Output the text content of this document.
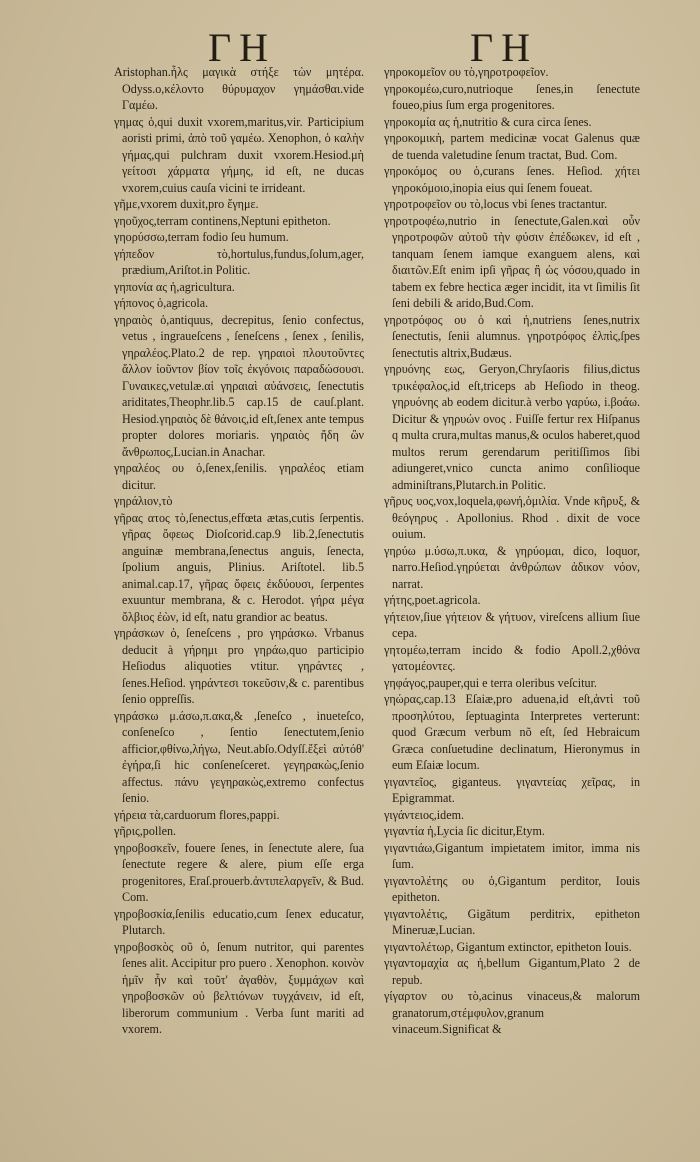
ΓΗ	ΓΗ

Aristophan.ἦλς μαγικὰ στήξε τὼν μητέρα. Odyss.ο,κέλοντο θύρυμαχον γημάσθαι.vide Γαμέω.

γημας ὁ,qui duxit vxorem,maritus,vir. Participium aoristi primi, ἀπὸ τοῦ γαμέω. Xenophon, ὁ καλὴν γήμας,qui pulchram duxit vxorem.Hesiod.μὴ γείτοσι χάρματα γήμης, id eſt, ne ducas vxorem,cuius cauſa vicini te irrideant.

γῆμε,vxorem duxit,pro ἔγημε.

γηοῦχος,terram continens,Neptuni epitheton.

γηορύσσω,terram fodio ſeu humum.

γήπεδον τὸ,hortulus,fundus,ſolum,ager, prædium,Ariſtot.in Politic.

γηπονία ας ἡ,agricultura.

γήπονος ὁ,agricola.

γηραιὸς ὁ,antiquus, decrepitus, ſenio confectus, vetus , ingraueſcens , ſeneſcens , ſenex , ſenilis, γηραλέος.Plato.2 de rep. γηραιοὶ πλουτοῦντες ἄλλον ἰοῦντον βίον τοῖς ἐκγόνοις παραδώσουσι. Γυναικες,vetulæ.αἱ γηραιαὶ αὐάνσεις, ſenectutis ariditates,Theophr.lib.5 cap.15 de cauſ.plant. Hesiod.γηραιὸς δὲ θάνοις,id eſt,ſenex ante tempus propter dolores moriaris. γηραιὸς ἤδη ὢν ἄνθρωπος,Lucian.in Anachar.

γηραλέος ου ὁ,ſenex,ſenilis. γηραλέος etiam dicitur.

γηράλιον,τὸ

γῆρας ατος τὸ,ſenectus,effœta ætas,cutis ſerpentis. γῆρας ὄφεως Dioſcorid.cap.9 lib.2,ſenectutis anguinæ membrana,ſenectus anguis, ſenecta, ſpolium anguis, Plinius. Ariſtotel. lib.5 animal.cap.17, γῆρας ὄφεις ἐκδύουσι, ſerpentes exuuntur membrana, & c. Herodot. γήρα μέγα ὄλβιος ἐὼν, id eſt, natu grandior ac beatus.

γηράσκων ὁ, ſeneſcens , pro γηράσκω. Vrbanus deducit à γήρημι pro γηράω,quo participio Heſiodus aliquoties vtitur. γηράντες , ſenes.Heſiod. γηράντεσι τοκεῦσιν,& c. parentibus ſenio oppreſſis.

γηράσκω μ.άσω,π.ακα,& ,ſeneſco , inueteſco, conſeneſco , ſentio ſenectutem,ſenio afficior,φθίνω,λήγω, Neut.abſo.Odyſſ.ἔξεὶ αὐτόθ' ἐγήρα,ſi hic conſeneſceret. γεγηρακὼς,ſenio affectus. πάνυ γεγηρακὼς,extremo confectus ſenio.

γήρεια τὰ,carduorum flores,pappi.

γῆρις,pollen.

γηροβοσκεῖν, fouere ſenes, in ſenectute alere, ſua ſenectute regere & alere, pium eſſe erga progenitores, Eraſ.prouerb.ἀντιπελαργεῖν, & Bud. Com.

γηροβοσκία,ſenilis educatio,cum ſenex educatur, Plutarch.

γηροβοσκὸς οῦ ὁ, ſenum nutritor, qui parentes ſenes alit. Accipitur pro puero . Xenophon. κοινὸν ἡμῖν ἦν καὶ τοῦτ' ἀγαθὸν, ξυμμάχων καὶ γηροβοσκῶν οὐ βελτιόνων τυγχάνειν, id eſt, liberorum communium . Verba ſunt mariti ad vxorem.

γηροκομεῖον ου τὸ,γηροτροφεῖον.

γηροκομέω,curo,nutrioque ſenes,in ſenectute foueo,pius ſum erga progenitores.

γηροκομία ας ἡ,nutritio & cura circa ſenes.

γηροκομικὴ, partem medicinæ vocat Galenus quæ de tuenda valetudine ſenum tractat, Bud. Com.

γηροκόμος ου ὁ,curans ſenes. Heſiod. χήτει γηροκόμοιο,inopia eius qui ſenem foueat.

γηροτροφεῖον ου τὸ,locus vbi ſenes tractantur.

γηροτροφέω,nutrio in ſenectute,Galen.καὶ οὖν γηροτροφῶν αὐτοῦ τὴν φύσιν ἐπέδωκεν, id eſt , tanquam ſenem iamque exanguem alens, καὶ διαιτῶν.Eſt enim ipſi γῆρας ἢ ὡς νόσου,quado in tabem ex febre hectica æger incidit, ita vt ſimilis ſit ſeni debili & arido,Bud.Com.

γηροτρόφος ου ὁ καὶ ἡ,nutriens ſenes,nutrix ſenectutis, ſenii alumnus. γηροτρόφος ἐλπὶς,ſpes ſenectutis altrix,Budæus.

γηρυόνης εως, Geryon,Chryſaoris filius,dictus τρικέφαλος,id eſt,triceps ab Heſiodo in theog. γηρυόνης ab eodem dicitur.à verbo γαρύω, i.βοάω. Dicitur & γηρυών ονος . Fuiſſe fertur rex Hiſpanus q multa crura,multas manus,& oculos haberet,quod multos rerum gerendarum peritiſſimos ſibi adiungeret,vnico cuncta animo conſilioque adminiſtrans,Plutarch.in Politic.

γῆρυς υος,vox,loquela,φωνή,ὁμιλία. Vnde κῆρυξ, & θεόγηρυς . Apollonius. Rhod . dixit de voce ouium.

γηρύω μ.ύσω,π.υκα, & γηρύομαι, dico, loquor, narro.Heſiod.γηρύεται ἀνθρώπων ἀδικον νόον, narrat.

γήτης,poet.agricola.

γήτειον,ſiue γήτειον & γήτυον, vireſcens allium ſiue cepa.

γητομέω,terram incido & fodio Apoll.2,χθόνα γατομέοντες.

γηφάγος,pauper,qui e terra oleribus veſcitur.

γηώρας,cap.13 Eſaiæ,pro aduena,id eſt,ἀντὶ τοῦ προσηλύτου, ſeptuaginta Interpretes verterunt: quod Græcum verbum nõ eſt, ſed Hebraicum Græca conſuetudine declinatum, Hieronymus in eum Eſaiæ locum.

γιγαντεῖος, giganteus. γιγαντείας χεῖρας, in Epigrammat.

γιγάντειος,idem.

γιγαντία ἡ,Lycia ſic dicitur,Etym.

γιγαντιάω,Gigantum impietatem imitor, imma nis ſum.

γιγαντολέτης ου ὁ,Gigantum perditor, Iouis epitheton.

γιγαντολέτις, Gigãtum perditrix, epitheton Mineruæ,Lucian.

γιγαντολέτωρ, Gigantum extinctor, epitheton Iouis.

γιγαντομαχία ας ἡ,bellum Gigantum,Plato 2 de repub.

γίγαρτον ου τὸ,acinus vinaceus,& malorum granatorum,στέμφυλον,granum vinaceum.Significat &
